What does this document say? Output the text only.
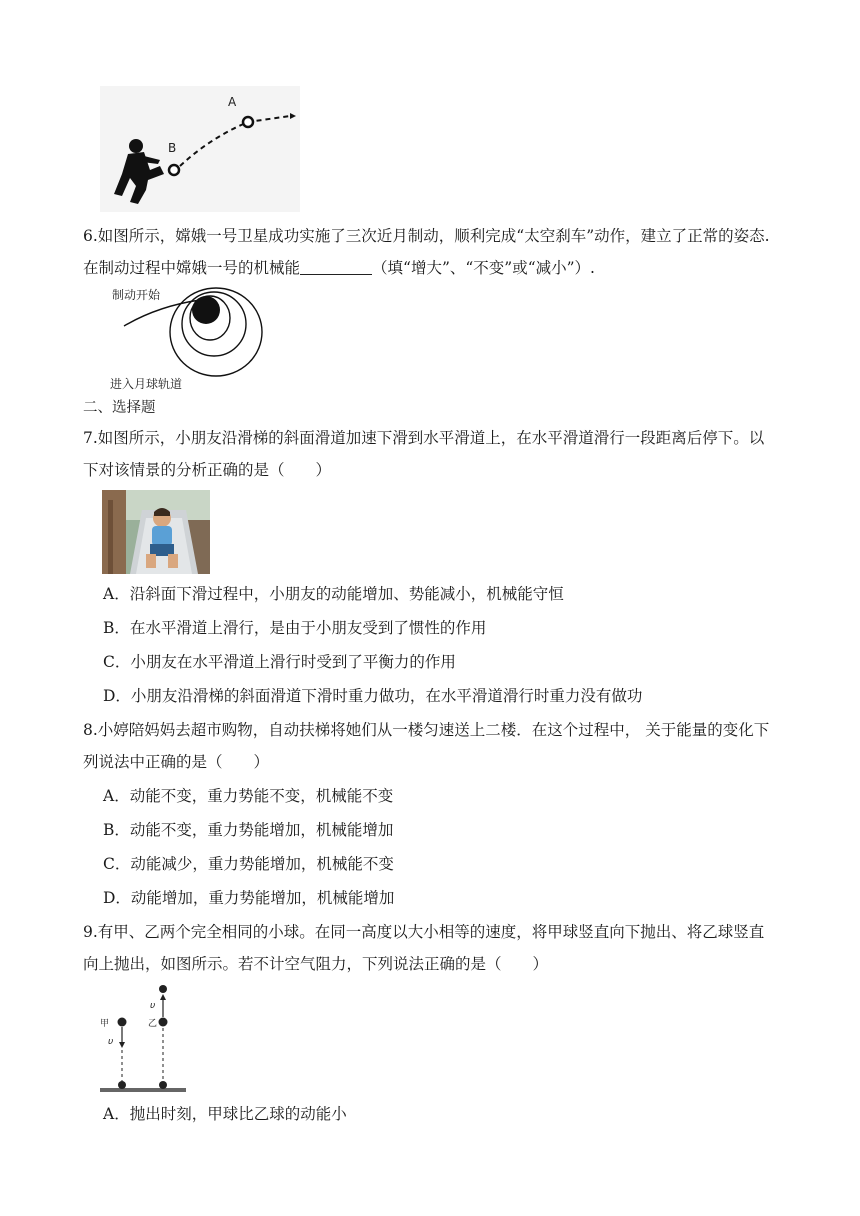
B
A
6.如图所示，嫦娥一号卫星成功实施了三次近月制动，顺利完成“太空刹车”动作，建立了正常的姿态.
在制动过程中嫦娥一号的机械能	（填“增大”、“不变”或“减小”）.
制动开始
进入月球轨道
二、选择题
7.如图所示，小朋友沿滑梯的斜面滑道加速下滑到水平滑道上，在水平滑道滑行一段距离后停下。以
下对该情景的分析正确的是（　　）
A．沿斜面下滑过程中，小朋友的动能增加、势能减小，机械能守恒
B．在水平滑道上滑行，是由于小朋友受到了惯性的作用
C．小朋友在水平滑道上滑行时受到了平衡力的作用
D．小朋友沿滑梯的斜面滑道下滑时重力做功，在水平滑道滑行时重力没有做功
8.小婷陪妈妈去超市购物，自动扶梯将她们从一楼匀速送上二楼．在这个过程中， 关于能量的变化下
列说法中正确的是（　　）
A．动能不变，重力势能不变，机械能不变
B．动能不变，重力势能增加，机械能增加
C．动能减少，重力势能增加，机械能不变
D．动能增加，重力势能增加，机械能增加
9.有甲、乙两个完全相同的小球。在同一高度以大小相等的速度，将甲球竖直向下抛出、将乙球竖直
向上抛出，如图所示。若不计空气阻力，下列说法正确的是（　　）
甲
υ
乙
υ
A．抛出时刻，甲球比乙球的动能小
